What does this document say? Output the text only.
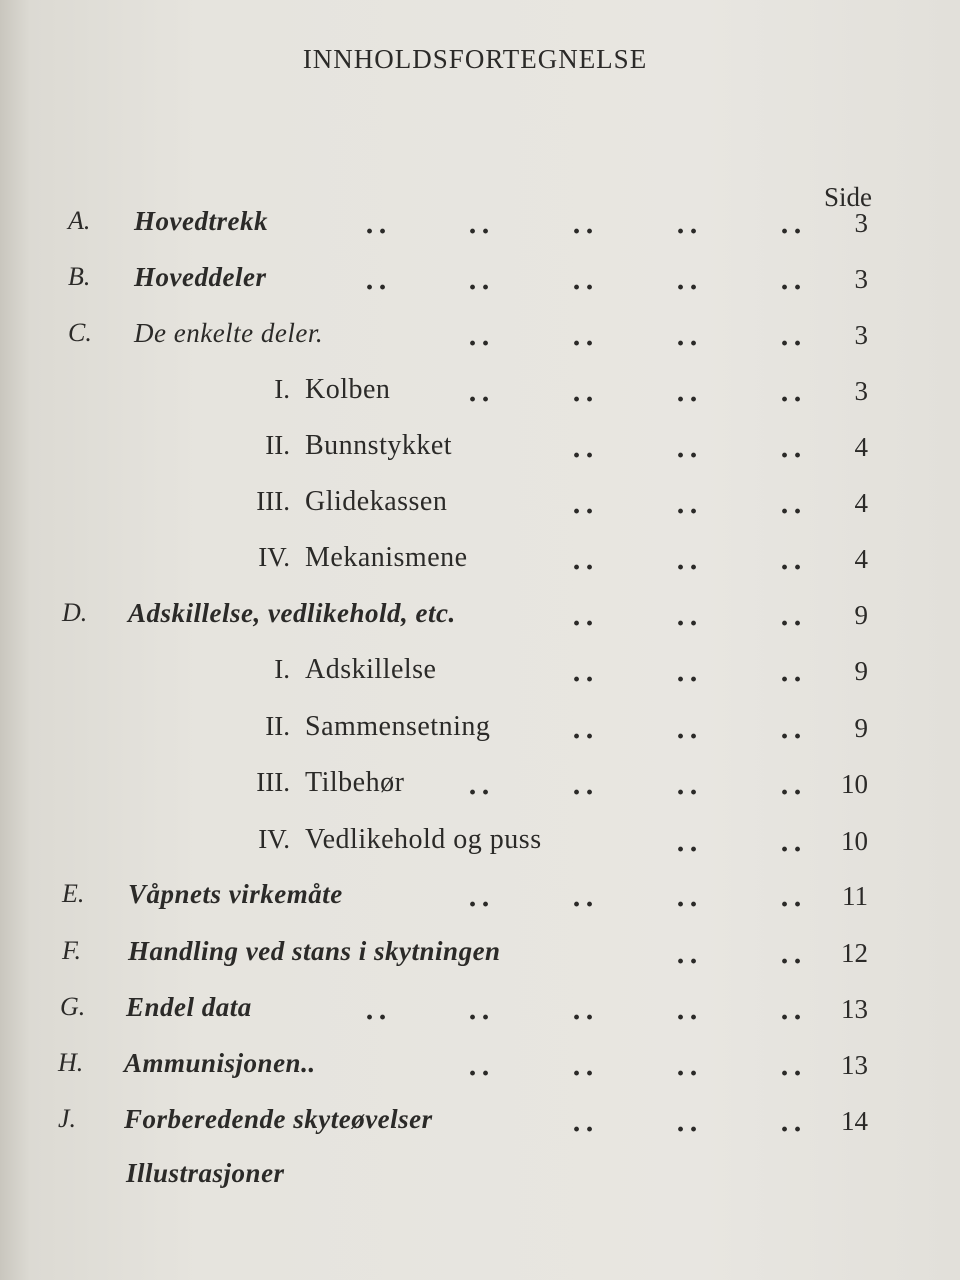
INNHOLDSFORTEGNELSE
Side
A. Hovedtrekk	..	..	..	..	.. 3
B. Hoveddeler	..	..	..	..	.. 3
C. De enkelte deler.	..	..	..	.. 3
I. Kolben	..	..	..	.. 3
II. Bunnstykket	..	..	.. 4
III. Glidekassen	..	..	.. 4
IV. Mekanismene	..	..	.. 4
D. Adskillelse, vedlikehold, etc.	..	..	.. 9
I. Adskillelse	..	..	.. 9
II. Sammensetning	..	..	.. 9
III. Tilbehør ..	..	..	.. 10
IV. Vedlikehold og puss	..	.. 10
E. Våpnets virkemåte	..	..	..	.. 11
F. Handling ved stans i skytningen	..	.. 12
G. Endel data	..	..	..	..	.. 13
H. Ammunisjonen..	..	..	..	.. 13
J. Forberedende skyteøvelser	..	..	.. 14
Illustrasjoner
